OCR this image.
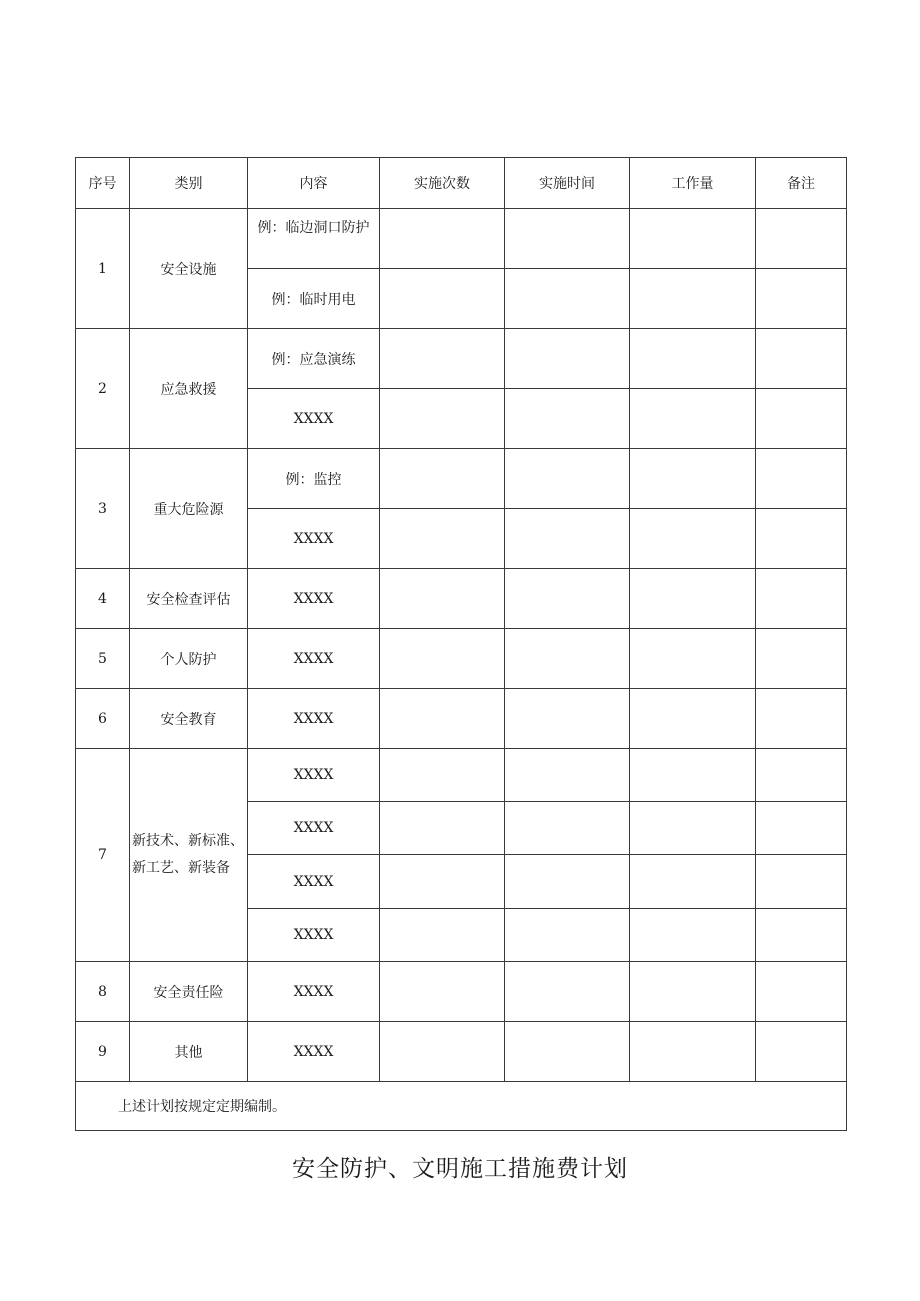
序号	类别	内容	实施次数	实施时间	工作量	备注
1	安全设施	例：临边洞口防护				
		例：临时用电				
2	应急救援	例：应急演练				
		XXXX				
3	重大危险源	例：监控				
		XXXX				
4	安全检查评估	XXXX				
5	个人防护	XXXX				
6	安全教育	XXXX				
7	新技术、新标准、新工艺、新装备	XXXX				
		XXXX				
		XXXX				
		XXXX				
8	安全责任险	XXXX				
9	其他	XXXX				
上述计划按规定定期编制。						
安全防护、文明施工措施费计划
